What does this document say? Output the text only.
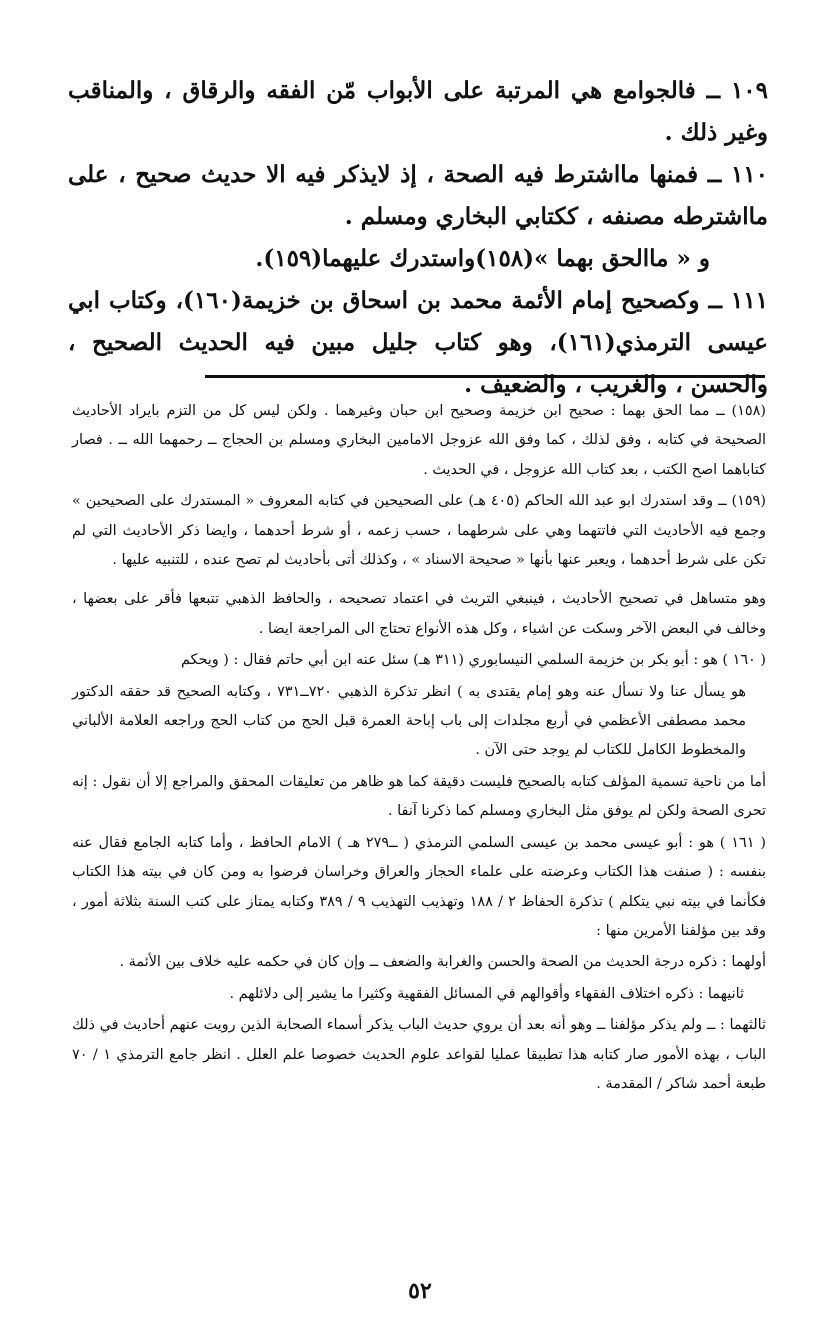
١٠٩ ــ فالجوامع هي المرتبة على الأبواب مّن الفقه والرقاق ، والمناقب وغير ذلك .

١١٠ ــ فمنها مااشترط فيه الصحة ، إذ لايذكر فيه الا حديث صحيح ، على مااشترطه مصنفه ، ككتابي البخاري ومسلم .

و « ماالحق بهما »(١٥٨)واستدرك عليهما(١٥٩).

١١١ ــ وكصحيح إمام الأئمة محمد بن اسحاق بن خزيمة(١٦٠)، وكتاب ابي عيسى الترمذي(١٦١)، وهو كتاب جليل مبين فيه الحديث الصحيح ، والحسن ، والغريب ، والضعيف .

(١٥٨) ــ مما الحق بهما : صحيح ابن خزيمة وصحيح ابن حبان وغيرهما . ولكن ليس كل من التزم بايراد الأحاديث الصحيحة في كتابه ، وفق لذلك ، كما وفق الله عزوجل الامامين البخاري ومسلم بن الحجاج ــ رحمهما الله ــ . فصار كتاباهما اصح الكتب ، بعد كتاب الله عزوجل ، في الحديث .

(١٥٩) ــ وقد استدرك ابو عبد الله الحاكم (٤٠٥ هـ) على الصحيحين في كتابه المعروف « المستدرك على الصحيحين » وجمع فيه الأحاديث التي فاتتهما وهي على شرطهما ، حسب زعمه ، أو شرط أحدهما ، وايضا ذكر الأحاديث التي لم تكن على شرط أحدهما ، ويعبر عنها بأنها « صحيحة الاسناد » ، وكذلك أتى بأحاديث لم تصح عنده ، للتنبيه عليها .

وهو متساهل في تصحيح الأحاديث ، فينبغي التريث في اعتماد تصحيحه ، والحافظ الذهبي تتبعها فأقر على بعضها ، وخالف في البعض الآخر وسكت عن اشياء ، وكل هذه الأنواع تحتاج الى المراجعة ايضا .

( ١٦٠ ) هو : أبو بكر بن خزيمة السلمي النيسابوري (٣١١ هـ) سئل عنه ابن أبي حاتم فقال : ( ويحكم

هو يسأل عنا ولا نسأل عنه وهو إمام يقتدى به ) انظر تذكرة الذهبي ٧٢٠ــ٧٣١ ، وكتابه الصحيح قد حققه الدكتور محمد مصطفى الأعظمي في أربع مجلدات إلى باب إباحة العمرة قبل الحج من كتاب الحج وراجعه العلامة الألباني والمخطوط الكامل للكتاب لم يوجد حتى الآن .

أما من ناحية تسمية المؤلف كتابه بالصحيح فليست دقيقة كما هو ظاهر من تعليقات المحقق والمراجع إلا أن نقول : إنه تحرى الصحة ولكن لم يوفق مثل البخاري ومسلم كما ذكرنا آنفا .

( ١٦١ ) هو : أبو عيسى محمد بن عيسى السلمي الترمذي ( ــ٢٧٩ هـ ) الامام الحافظ ، وأما كتابه الجامع فقال عنه بنفسه : ( صنفت هذا الكتاب وعرضته على علماء الحجاز والعراق وخراسان فرضوا به ومن كان في بيته هذا الكتاب فكأنما في بيته نبي يتكلم ) تذكرة الحفاظ ٢ / ١٨٨ وتهذيب التهذيب ٩ / ٣٨٩ وكتابه يمتاز على كتب السنة بثلاثة أمور ، وقد بين مؤلفنا الأمرين منها :

أولهما : ذكره درجة الحديث من الصحة والحسن والغرابة والضعف ــ وإن كان في حكمه عليه خلاف بين الأئمة .

ثانيهما : ذكره اختلاف الفقهاء وأقوالهم في المسائل الفقهية وكثيرا ما يشير إلى دلائلهم .

ثالثهما : ــ ولم يذكر مؤلفنا ــ وهو أنه بعد أن يروي حديث الباب يذكر أسماء الصحابة الذين رويت عنهم أحاديث في ذلك الباب ، بهذه الأمور صار كتابه هذا تطبيقا عمليا لقواعد علوم الحديث خصوصا علم العلل . انظر جامع الترمذي ١ / ٧٠ طبعة أحمد شاكر / المقدمة .

٥٢
